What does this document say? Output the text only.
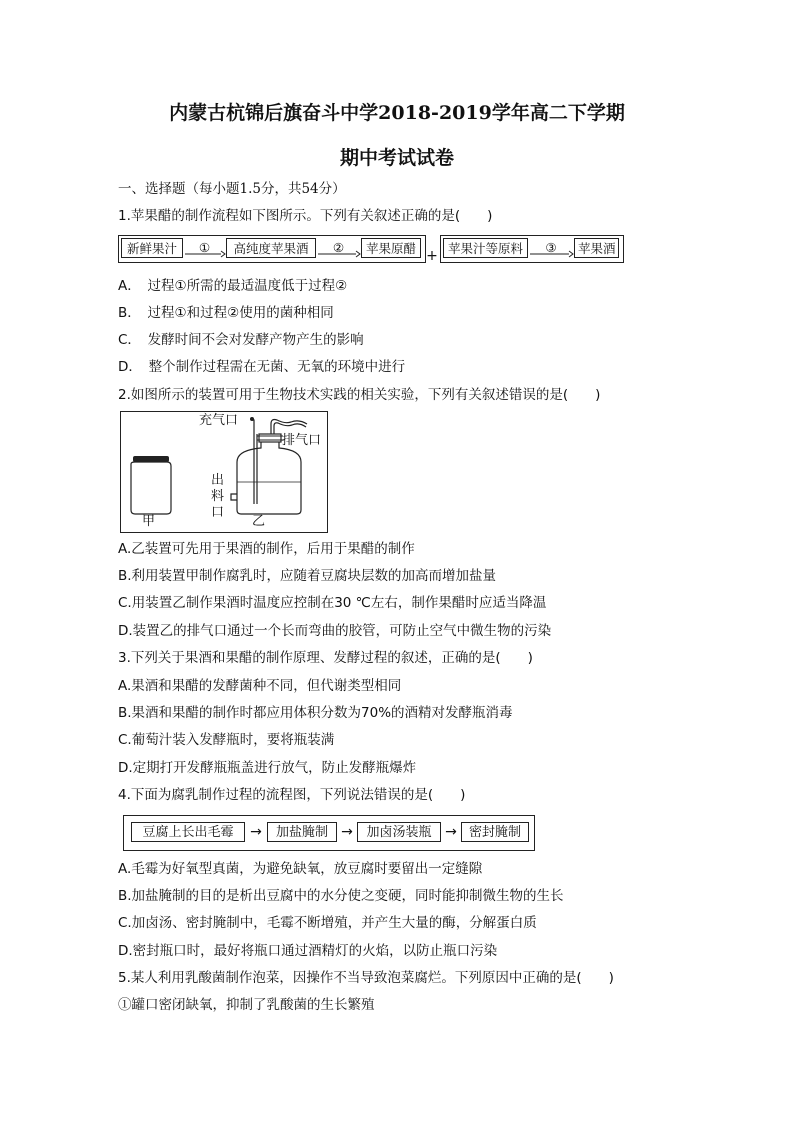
内蒙古杭锦后旗奋斗中学2018-2019学年高二下学期
期中考试试卷
一、选择题（每小题1.5分，共54分）
1.苹果醋的制作流程如下图所示。下列有关叙述正确的是(　　)
新鲜果汁	①	高纯度苹果酒	②	苹果原醋 + 苹果汁等原料	③	苹果酒
A．　过程①所需的最适温度低于过程②
B．　过程①和过程②使用的菌种相同
C．　发酵时间不会对发酵产物产生的影响
D．　整个制作过程需在无菌、无氧的环境中进行
2.如图所示的装置可用于生物技术实践的相关实验，下列有关叙述错误的是(　　)
充气口
排气口
出
料
口
甲	乙
A.乙装置可先用于果酒的制作，后用于果醋的制作
B.利用装置甲制作腐乳时，应随着豆腐块层数的加高而增加盐量
C.用装置乙制作果酒时温度应控制在30 ℃左右，制作果醋时应适当降温
D.装置乙的排气口通过一个长而弯曲的胶管，可防止空气中微生物的污染
3.下列关于果酒和果醋的制作原理、发酵过程的叙述，正确的是(　　)
A.果酒和果醋的发酵菌种不同，但代谢类型相同
B.果酒和果醋的制作时都应用体积分数为70%的酒精对发酵瓶消毒
C.葡萄汁装入发酵瓶时，要将瓶装满
D.定期打开发酵瓶瓶盖进行放气，防止发酵瓶爆炸
4.下面为腐乳制作过程的流程图，下列说法错误的是(　　)
豆腐上长出毛霉	→	加盐腌制 →	加卤汤装瓶 → 密封腌制
A.毛霉为好氧型真菌，为避免缺氧，放豆腐时要留出一定缝隙
B.加盐腌制的目的是析出豆腐中的水分使之变硬，同时能抑制微生物的生长
C.加卤汤、密封腌制中，毛霉不断增殖，并产生大量的酶，分解蛋白质
D.密封瓶口时，最好将瓶口通过酒精灯的火焰，以防止瓶口污染
5.某人利用乳酸菌制作泡菜，因操作不当导致泡菜腐烂。下列原因中正确的是(　　)
①罐口密闭缺氧，抑制了乳酸菌的生长繁殖
